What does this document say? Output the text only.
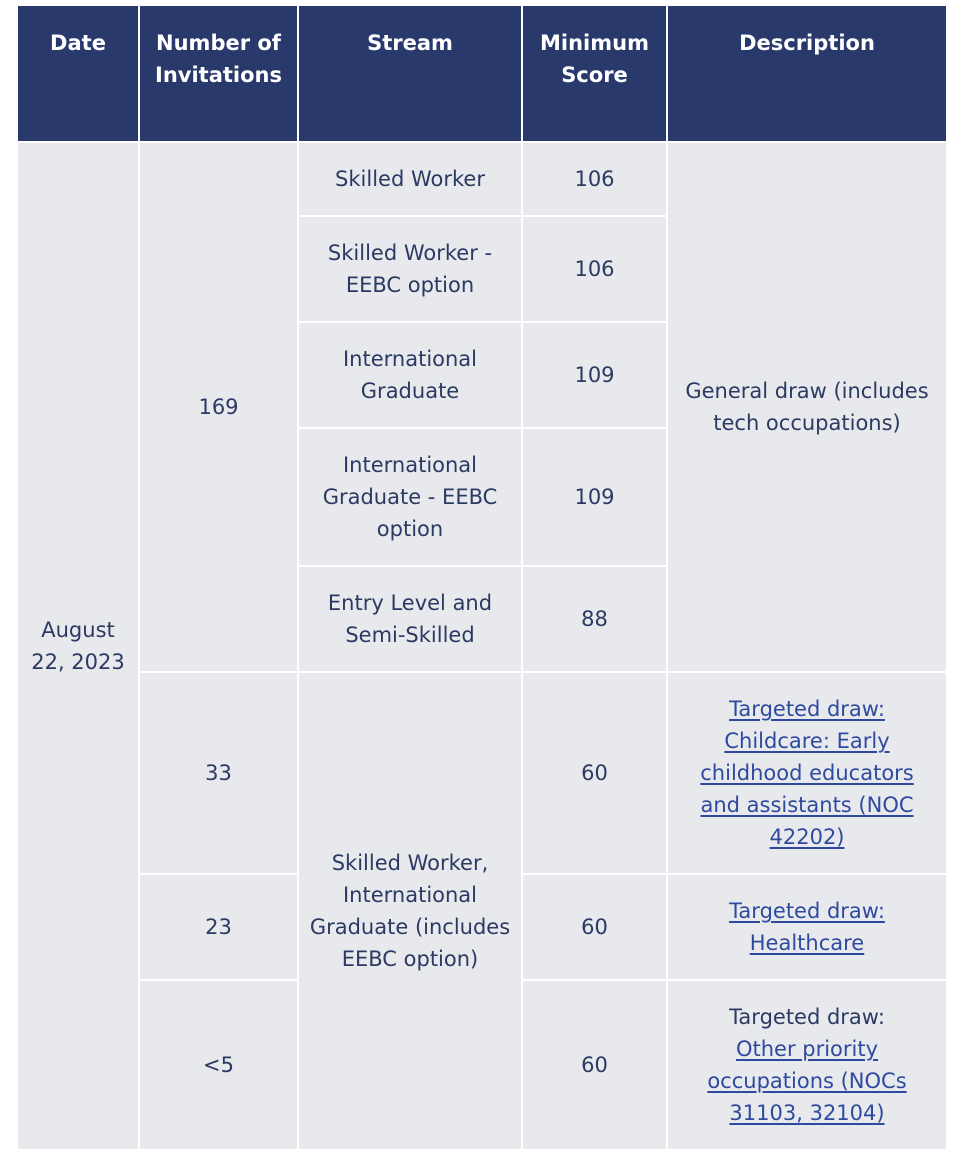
Date	Number of Invitations	Stream	Minimum Score	Description
August 22, 2023	169	Skilled Worker	106	General draw (includes tech occupations)
		Skilled Worker - EEBC option	106	
		International Graduate	109	
		International Graduate - EEBC option	109	
		Entry Level and Semi-Skilled	88	
	33	Skilled Worker, International Graduate (includes EEBC option)	60	Targeted draw: Childcare: Early childhood educators and assistants (NOC 42202)
	23		60	Targeted draw: Healthcare
	<5		60	Targeted draw:
Other priority occupations (NOCs 31103, 32104)
